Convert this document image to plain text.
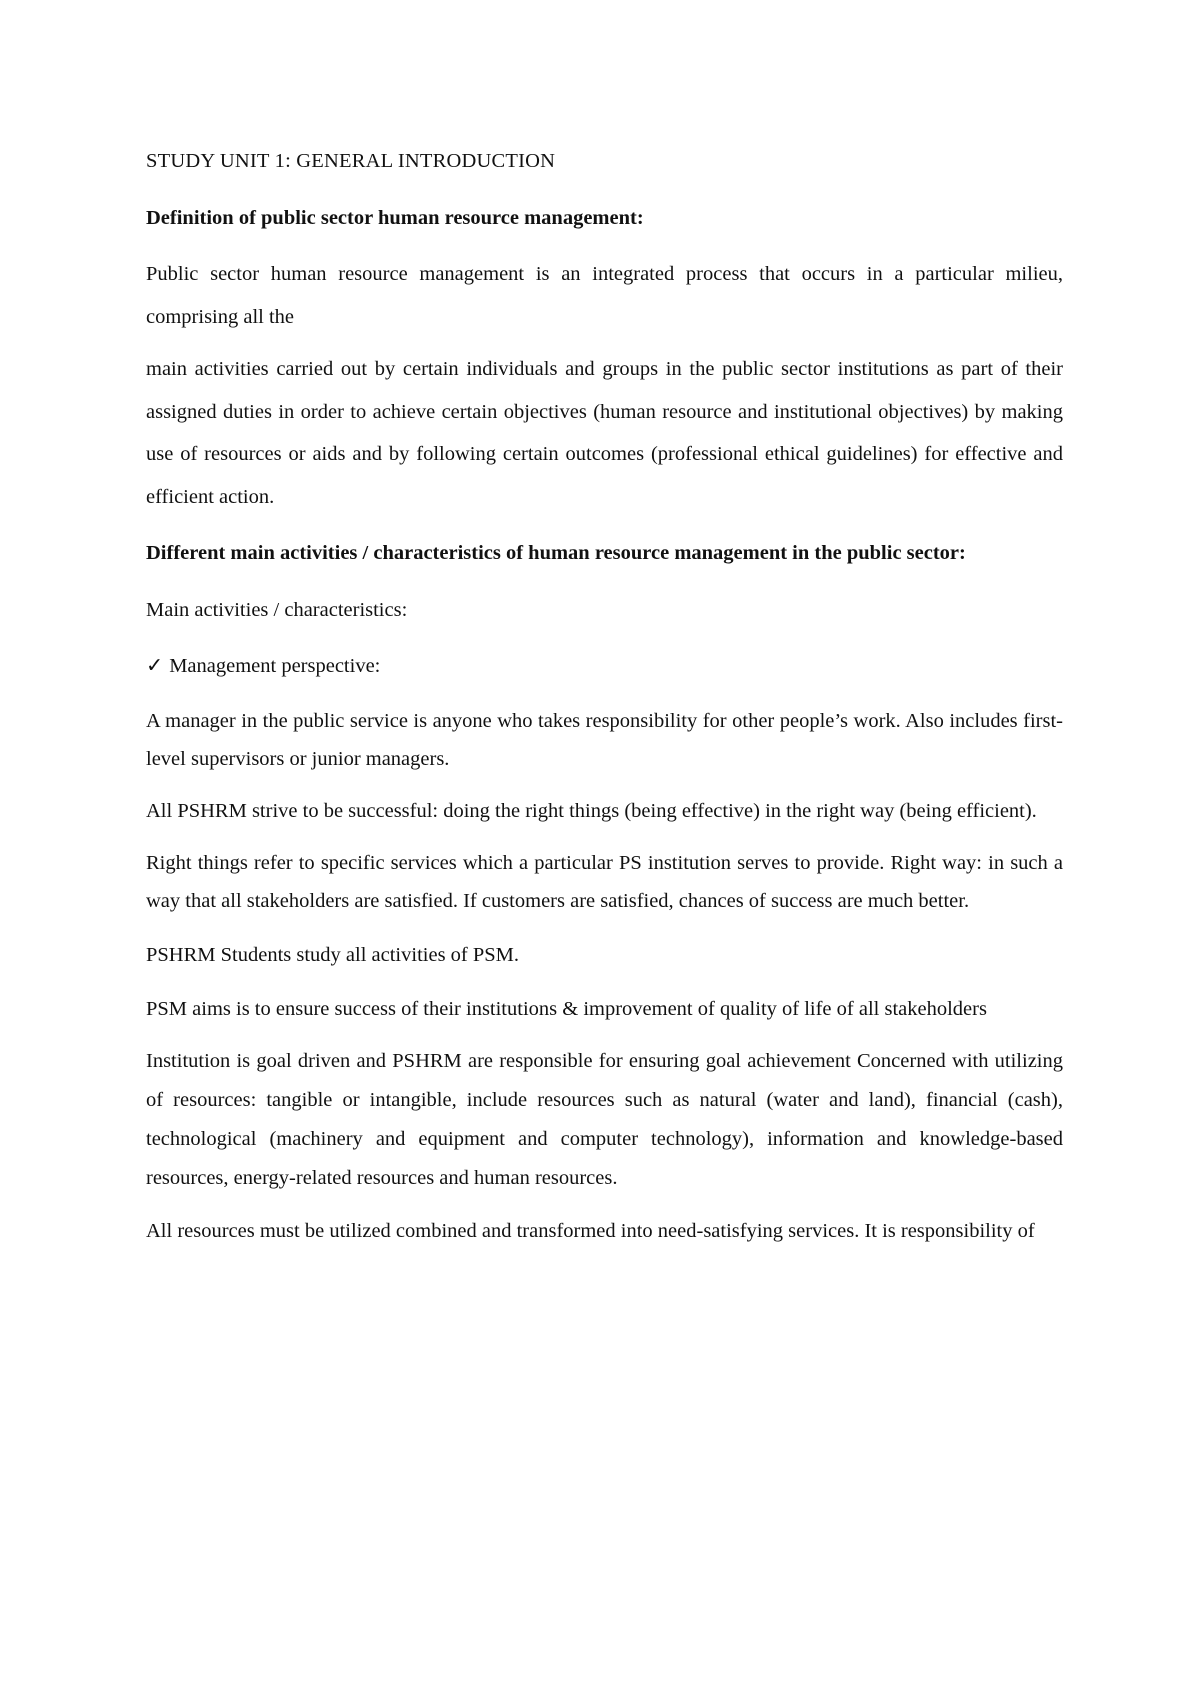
STUDY UNIT 1: GENERAL INTRODUCTION

Definition of public sector human resource management:

Public sector human resource management is an integrated process that occurs in a particular milieu, comprising all the

main activities carried out by certain individuals and groups in the public sector institutions as part of their assigned duties in order to achieve certain objectives (human resource and institutional objectives) by making use of resources or aids and by following certain outcomes (professional ethical guidelines) for effective and efficient action.

Different main activities / characteristics of human resource management in the public sector:

Main activities / characteristics:

✓ Management perspective:

A manager in the public service is anyone who takes responsibility for other people’s work. Also includes first-level supervisors or junior managers.

All PSHRM strive to be successful: doing the right things (being effective) in the right way (being efficient).

Right things refer to specific services which a particular PS institution serves to provide. Right way: in such a way that all stakeholders are satisfied. If customers are satisfied, chances of success are much better.

PSHRM Students study all activities of PSM.

PSM aims is to ensure success of their institutions & improvement of quality of life of all stakeholders

Institution is goal driven and PSHRM are responsible for ensuring goal achievement Concerned with utilizing of resources: tangible or intangible, include resources such as natural (water and land), financial (cash), technological (machinery and equipment and computer technology), information and knowledge-based resources, energy-related resources and human resources.

All resources must be utilized combined and transformed into need-satisfying services. It is responsibility of
